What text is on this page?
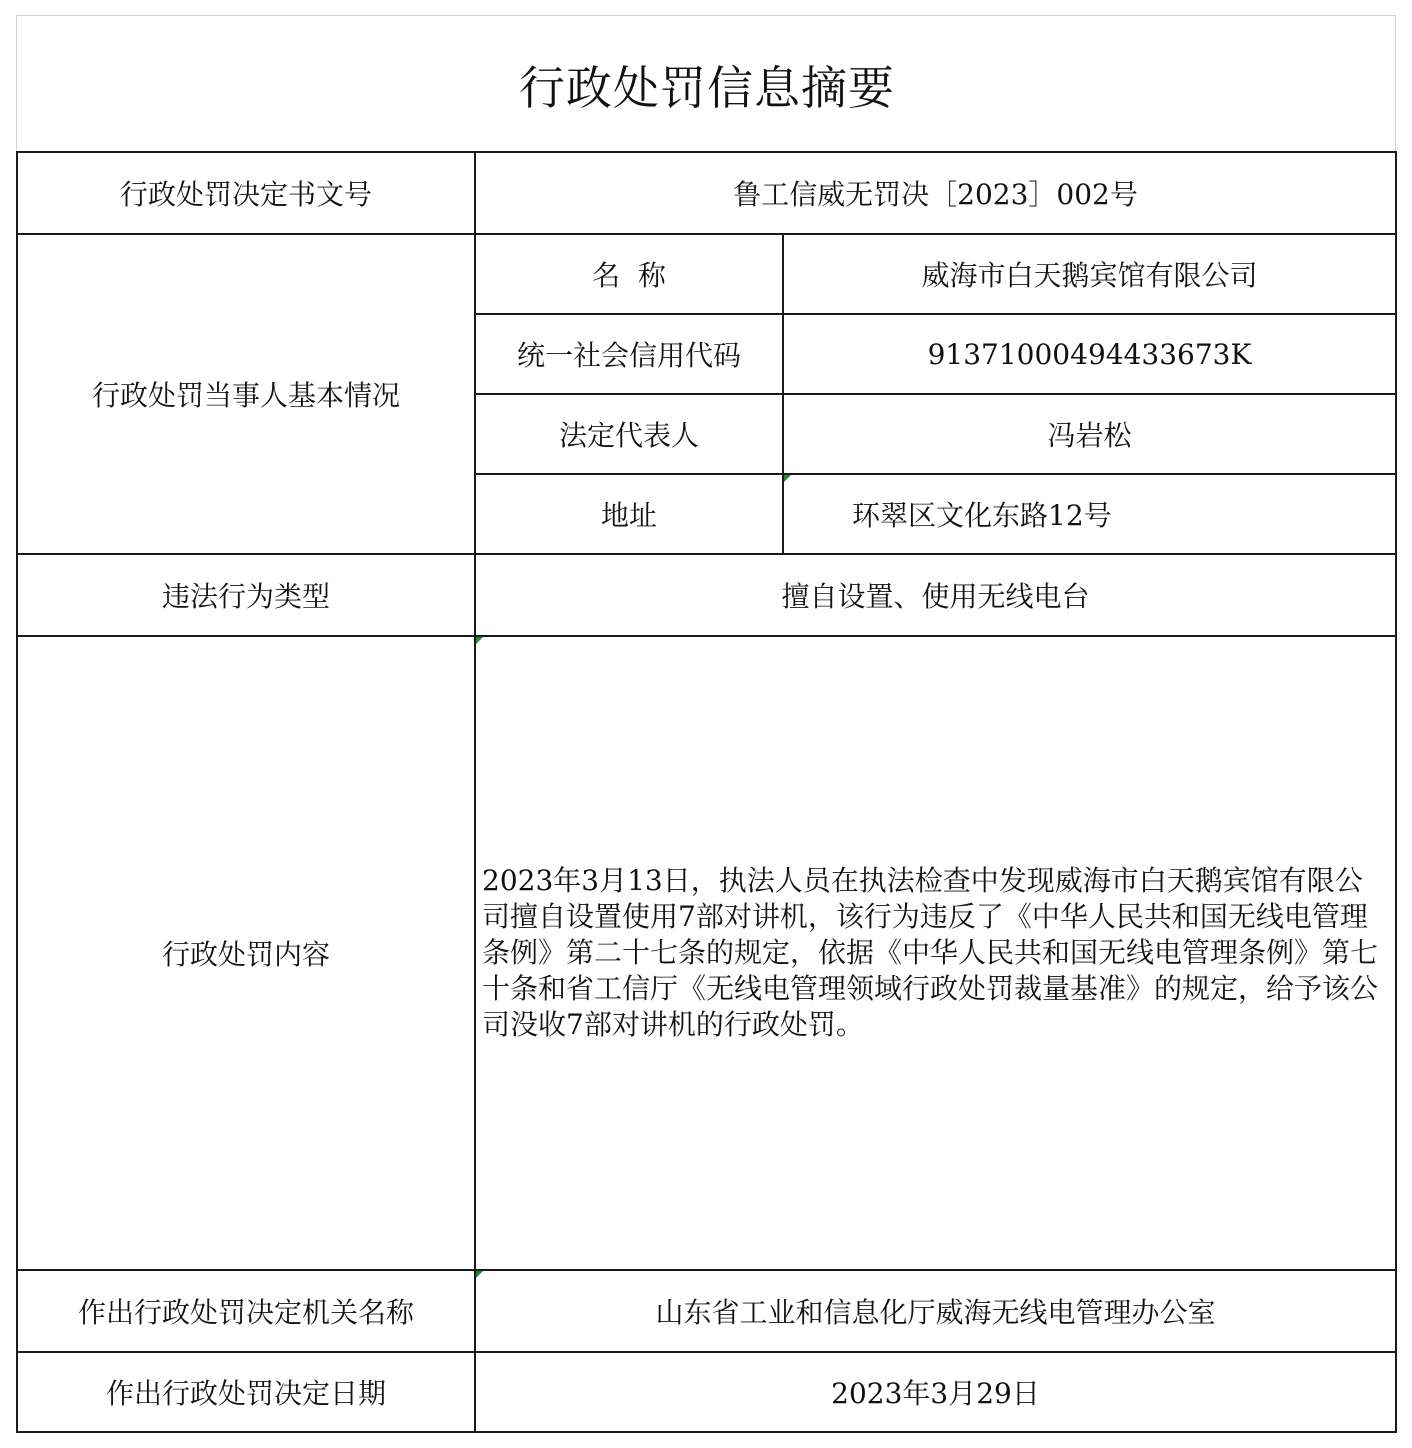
行政处罚信息摘要
行政处罚决定书文号	鲁工信威无罚决［2023］002号
行政处罚当事人基本情况
名  称	威海市白天鹅宾馆有限公司
统一社会信用代码	91371000494433673K
法定代表人	冯岩松
地址	环翠区文化东路12号
违法行为类型	擅自设置、使用无线电台
行政处罚内容
2023年3月13日，执法人员在执法检查中发现威海市白天鹅宾馆有限公司擅自设置使用7部对讲机，该行为违反了《中华人民共和国无线电管理条例》第二十七条的规定，依据《中华人民共和国无线电管理条例》第七十条和省工信厅《无线电管理领域行政处罚裁量基准》的规定，给予该公司没收7部对讲机的行政处罚。
作出行政处罚决定机关名称	山东省工业和信息化厅威海无线电管理办公室
作出行政处罚决定日期	2023年3月29日
